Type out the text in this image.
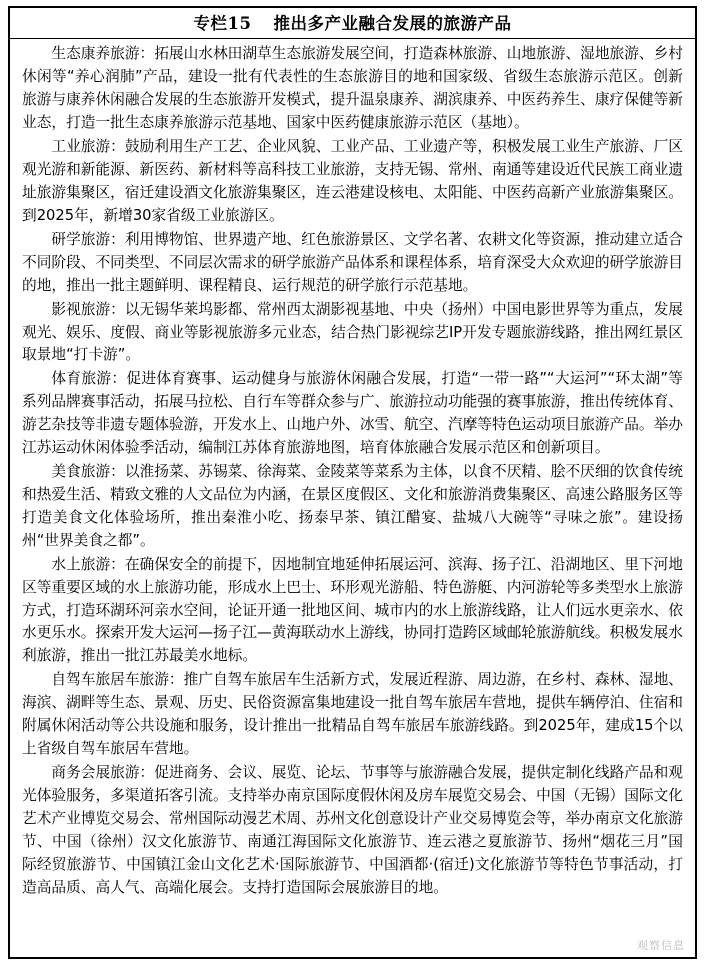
专栏15 推出多产业融合发展的旅游产品

生态康养旅游：拓展山水林田湖草生态旅游发展空间，打造森林旅游、山地旅游、湿地旅游、乡村休闲等“养心润肺”产品，建设一批有代表性的生态旅游目的地和国家级、省级生态旅游示范区。创新旅游与康养休闲融合发展的生态旅游开发模式，提升温泉康养、湖滨康养、中医药养生、康疗保健等新业态，打造一批生态康养旅游示范基地、国家中医药健康旅游示范区（基地）。

工业旅游：鼓励利用生产工艺、企业风貌、工业产品、工业遗产等，积极发展工业生产旅游、厂区观光游和新能源、新医药、新材料等高科技工业旅游，支持无锡、常州、南通等建设近代民族工商业遗址旅游集聚区，宿迁建设酒文化旅游集聚区，连云港建设核电、太阳能、中医药高新产业旅游集聚区。到2025年，新增30家省级工业旅游区。

研学旅游：利用博物馆、世界遗产地、红色旅游景区、文学名著、农耕文化等资源，推动建立适合不同阶段、不同类型、不同层次需求的研学旅游产品体系和课程体系，培育深受大众欢迎的研学旅游目的地，推出一批主题鲜明、课程精良、运行规范的研学旅行示范基地。

影视旅游：以无锡华莱坞影都、常州西太湖影视基地、中央（扬州）中国电影世界等为重点，发展观光、娱乐、度假、商业等影视旅游多元业态，结合热门影视综艺IP开发专题旅游线路，推出网红景区取景地“打卡游”。

体育旅游：促进体育赛事、运动健身与旅游休闲融合发展，打造“一带一路”“大运河”“环太湖”等系列品牌赛事活动，拓展马拉松、自行车等群众参与广、旅游拉动功能强的赛事旅游，推出传统体育、游艺杂技等非遗专题体验游，开发水上、山地户外、冰雪、航空、汽摩等特色运动项目旅游产品。举办江苏运动休闲体验季活动，编制江苏体育旅游地图，培育体旅融合发展示范区和创新项目。

美食旅游：以淮扬菜、苏锡菜、徐海菜、金陵菜等菜系为主体，以食不厌精、脍不厌细的饮食传统和热爱生活、精致文雅的人文品位为内涵，在景区度假区、文化和旅游消费集聚区、高速公路服务区等打造美食文化体验场所，推出秦淮小吃、扬泰早茶、镇江醋宴、盐城八大碗等“寻味之旅”。建设扬州“世界美食之都”。

水上旅游：在确保安全的前提下，因地制宜地延伸拓展运河、滨海、扬子江、沿湖地区、里下河地区等重要区域的水上旅游功能，形成水上巴士、环形观光游船、特色游艇、内河游轮等多类型水上旅游方式，打造环湖环河亲水空间，论证开通一批地区间、城市内的水上旅游线路，让人们远水更亲水、依水更乐水。探索开发大运河—扬子江—黄海联动水上游线，协同打造跨区域邮轮旅游航线。积极发展水利旅游，推出一批江苏最美水地标。

自驾车旅居车旅游：推广自驾车旅居车生活新方式，发展近程游、周边游，在乡村、森林、湿地、海滨、湖畔等生态、景观、历史、民俗资源富集地建设一批自驾车旅居车营地，提供车辆停泊、住宿和附属休闲活动等公共设施和服务，设计推出一批精品自驾车旅居车旅游线路。到2025年，建成15个以上省级自驾车旅居车营地。

商务会展旅游：促进商务、会议、展览、论坛、节事等与旅游融合发展，提供定制化线路产品和观光体验服务，多渠道拓客引流。支持举办南京国际度假休闲及房车展览交易会、中国（无锡）国际文化艺术产业博览交易会、常州国际动漫艺术周、苏州文化创意设计产业交易博览会等，举办南京文化旅游节、中国（徐州）汉文化旅游节、南通江海国际文化旅游节、连云港之夏旅游节、扬州“烟花三月”国际经贸旅游节、中国镇江金山文化艺术·国际旅游节、中国酒都·(宿迁)文化旅游节等特色节事活动，打造高品质、高人气、高端化展会。支持打造国际会展旅游目的地。

观察信息
